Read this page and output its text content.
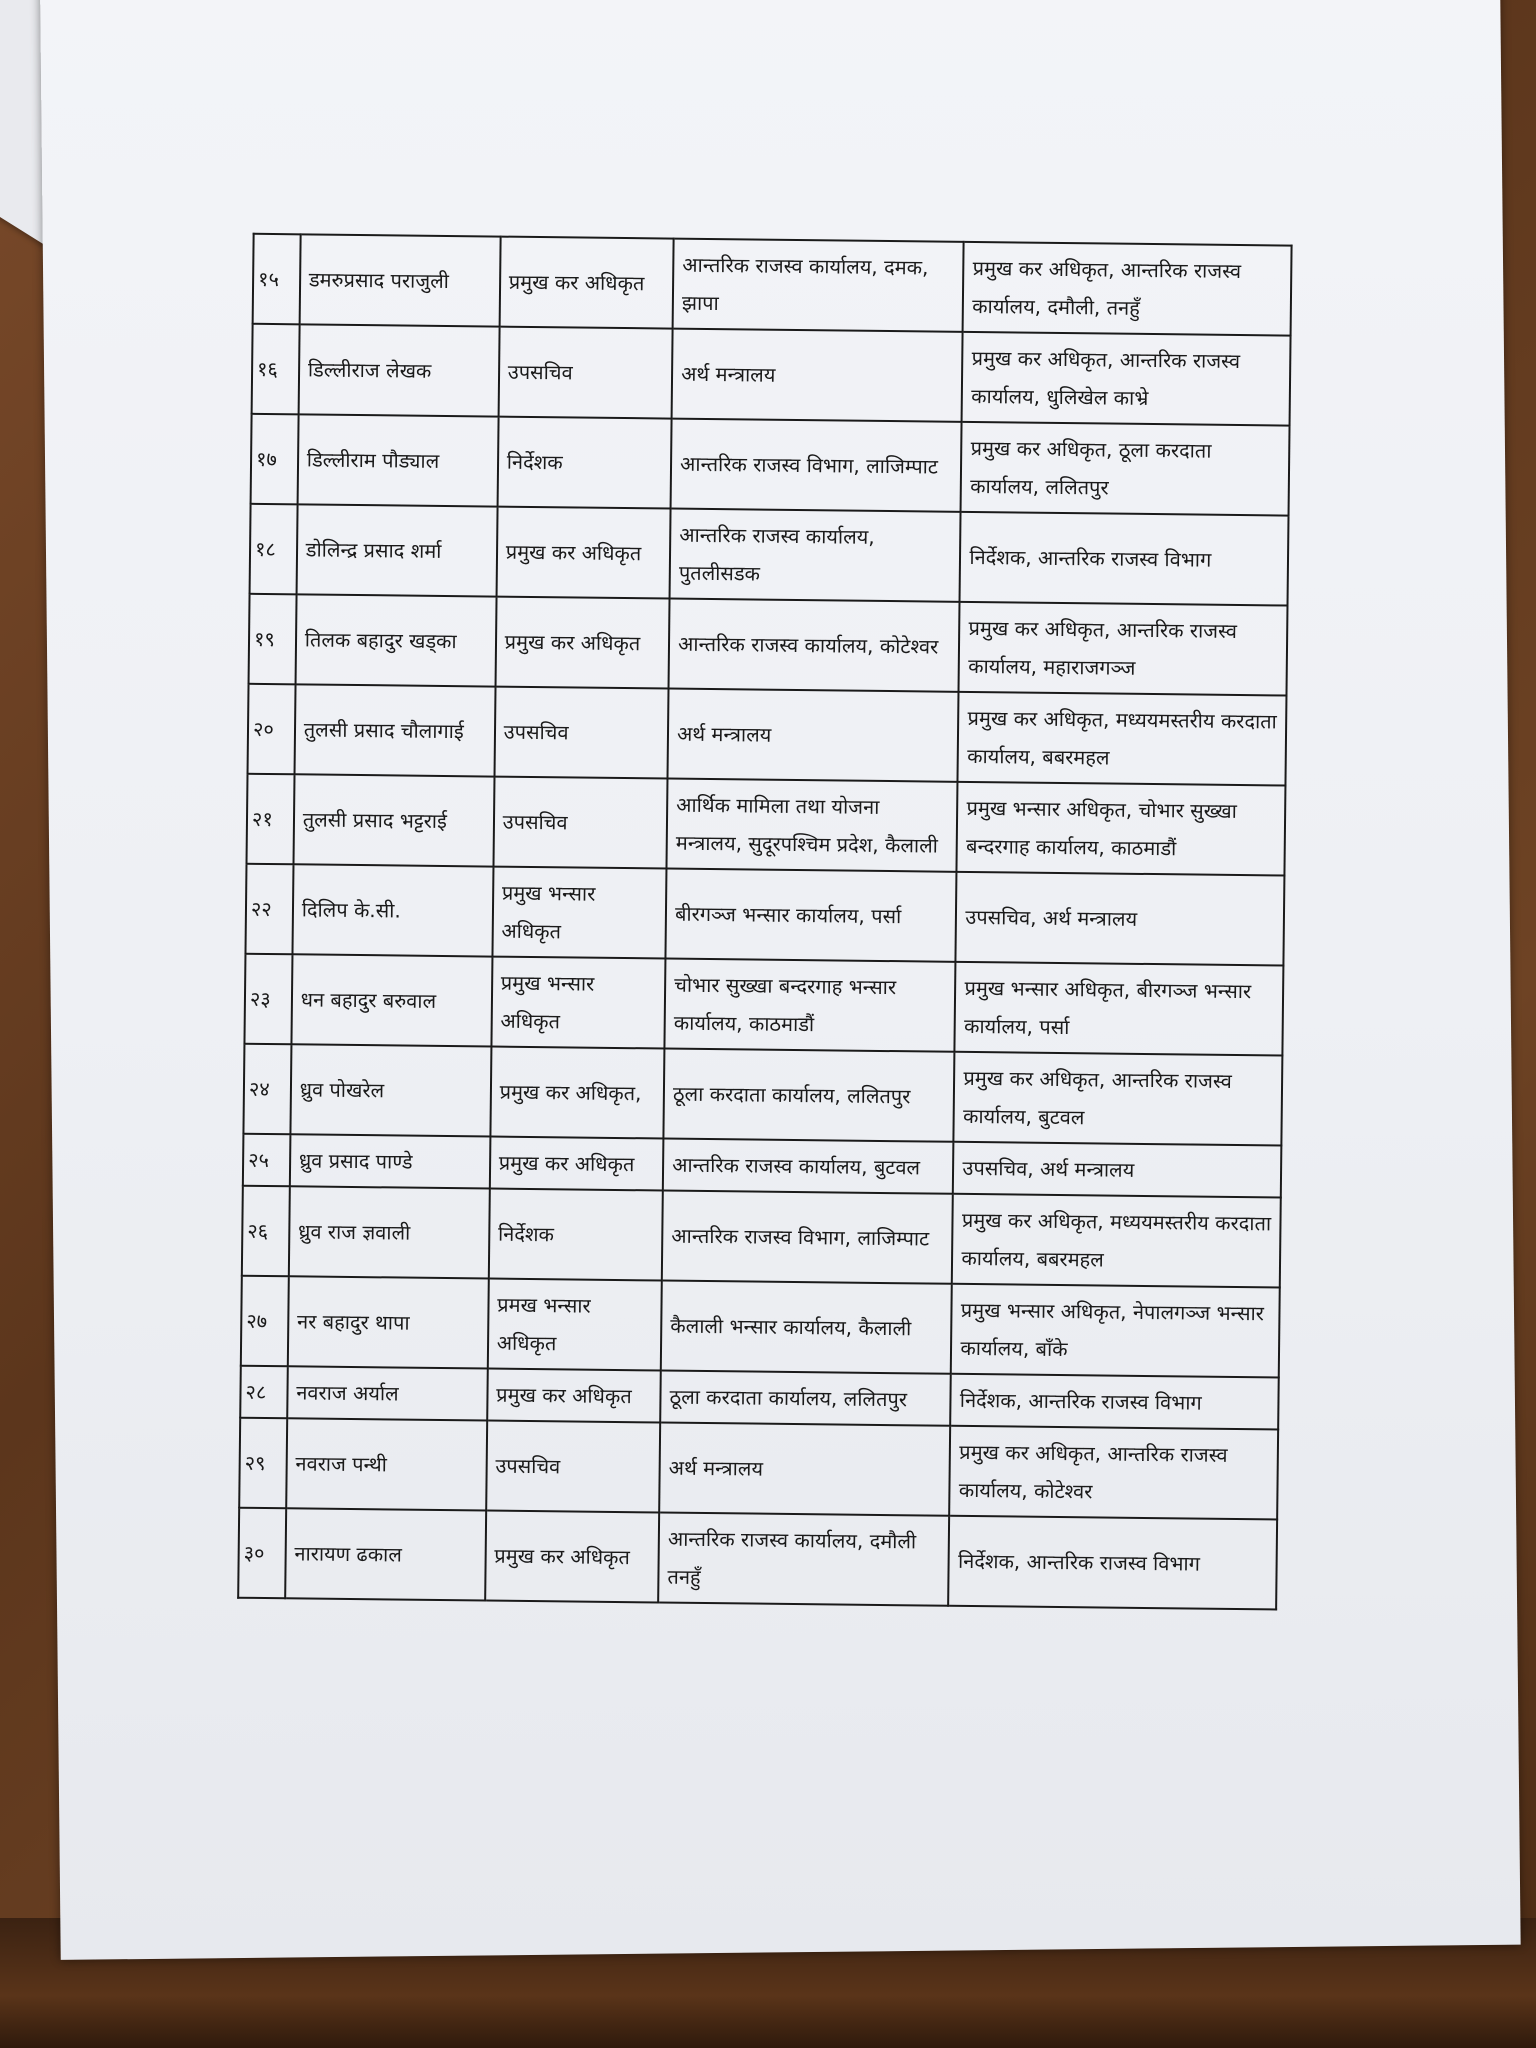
१५	डमरुप्रसाद पराजुली	प्रमुख कर अधिकृत	आन्तरिक राजस्व कार्यालय, दमक, झापा	प्रमुख कर अधिकृत, आन्तरिक राजस्व कार्यालय, दमौली, तनहुँ
१६	डिल्लीराज लेखक	उपसचिव	अर्थ मन्त्रालय	प्रमुख कर अधिकृत, आन्तरिक राजस्व कार्यालय, धुलिखेल काभ्रे
१७	डिल्लीराम पौड्याल	निर्देशक	आन्तरिक राजस्व विभाग, लाजिम्पाट	प्रमुख कर अधिकृत, ठूला करदाता कार्यालय, ललितपुर
१८	डोलिन्द्र प्रसाद शर्मा	प्रमुख कर अधिकृत	आन्तरिक राजस्व कार्यालय, पुतलीसडक	निर्देशक, आन्तरिक राजस्व विभाग
१९	तिलक बहादुर खड्का	प्रमुख कर अधिकृत	आन्तरिक राजस्व कार्यालय, कोटेश्वर	प्रमुख कर अधिकृत, आन्तरिक राजस्व कार्यालय, महाराजगञ्ज
२०	तुलसी प्रसाद चौलागाई	उपसचिव	अर्थ मन्त्रालय	प्रमुख कर अधिकृत, मध्ययमस्तरीय करदाता कार्यालय, बबरमहल
२१	तुलसी प्रसाद भट्टराई	उपसचिव	आर्थिक मामिला तथा योजना मन्त्रालय, सुदूरपश्चिम प्रदेश, कैलाली	प्रमुख भन्सार अधिकृत, चोभार सुख्खा बन्दरगाह कार्यालय, काठमाडौं
२२	दिलिप के.सी.	प्रमुख भन्सार अधिकृत	बीरगञ्ज भन्सार कार्यालय, पर्सा	उपसचिव, अर्थ मन्त्रालय
२३	धन बहादुर बरुवाल	प्रमुख भन्सार अधिकृत	चोभार सुख्खा बन्दरगाह भन्सार कार्यालय, काठमाडौं	प्रमुख भन्सार अधिकृत, बीरगञ्ज भन्सार कार्यालय, पर्सा
२४	ध्रुव पोखरेल	प्रमुख कर अधिकृत,	ठूला करदाता कार्यालय, ललितपुर	प्रमुख कर अधिकृत, आन्तरिक राजस्व कार्यालय, बुटवल
२५	ध्रुव प्रसाद पाण्डे	प्रमुख कर अधिकृत	आन्तरिक राजस्व कार्यालय, बुटवल	उपसचिव, अर्थ मन्त्रालय
२६	ध्रुव राज ज्ञवाली	निर्देशक	आन्तरिक राजस्व विभाग, लाजिम्पाट	प्रमुख कर अधिकृत, मध्ययमस्तरीय करदाता कार्यालय, बबरमहल
२७	नर बहादुर थापा	प्रमख भन्सार अधिकृत	कैलाली भन्सार कार्यालय, कैलाली	प्रमुख भन्सार अधिकृत, नेपालगञ्ज भन्सार कार्यालय, बाँके
२८	नवराज अर्याल	प्रमुख कर अधिकृत	ठूला करदाता कार्यालय, ललितपुर	निर्देशक, आन्तरिक राजस्व विभाग
२९	नवराज पन्थी	उपसचिव	अर्थ मन्त्रालय	प्रमुख कर अधिकृत, आन्तरिक राजस्व कार्यालय, कोटेश्वर
३०	नारायण ढकाल	प्रमुख कर अधिकृत	आन्तरिक राजस्व कार्यालय, दमौली तनहुँ	निर्देशक, आन्तरिक राजस्व विभाग
